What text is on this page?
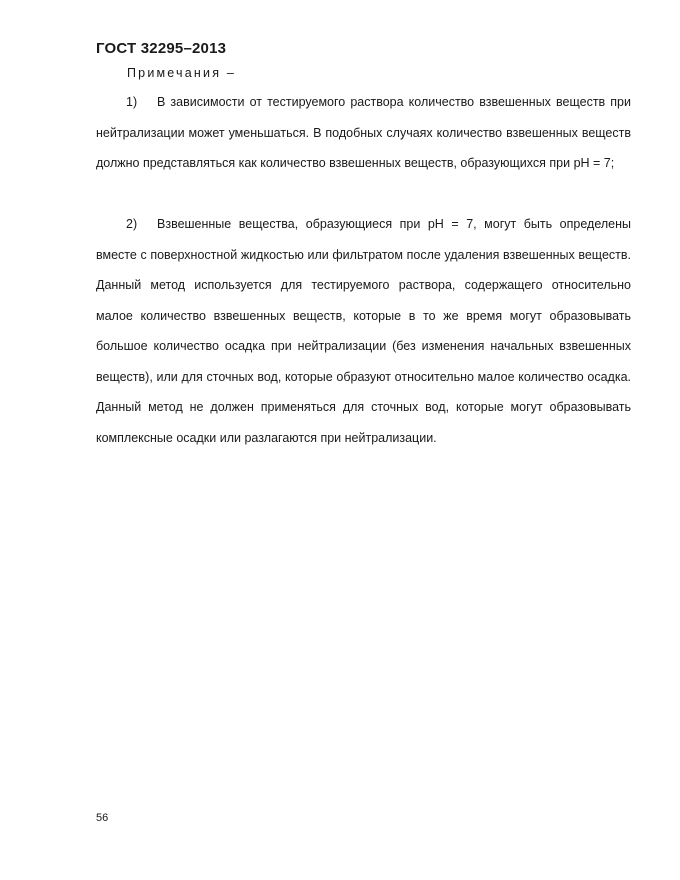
ГОСТ 32295–2013
Примечания –
1) В зависимости от тестируемого раствора количество взвешенных веществ при нейтрализации может уменьшаться. В подобных случаях количество взвешенных веществ должно представляться как количество взвешенных веществ, образующихся при рН = 7;
2) Взвешенные вещества, образующиеся при рН = 7, могут быть определены вместе с поверхностной жидкостью или фильтратом после удаления взвешенных веществ. Данный метод используется для тестируемого раствора, содержащего относительно малое количество взвешенных веществ, которые в то же время могут образовывать большое количество осадка при нейтрализации (без изменения начальных взвешенных веществ), или для сточных вод, которые образуют относительно малое количество осадка. Данный метод не должен применяться для сточных вод, которые могут образовывать комплексные осадки или разлагаются при нейтрализации.
56
